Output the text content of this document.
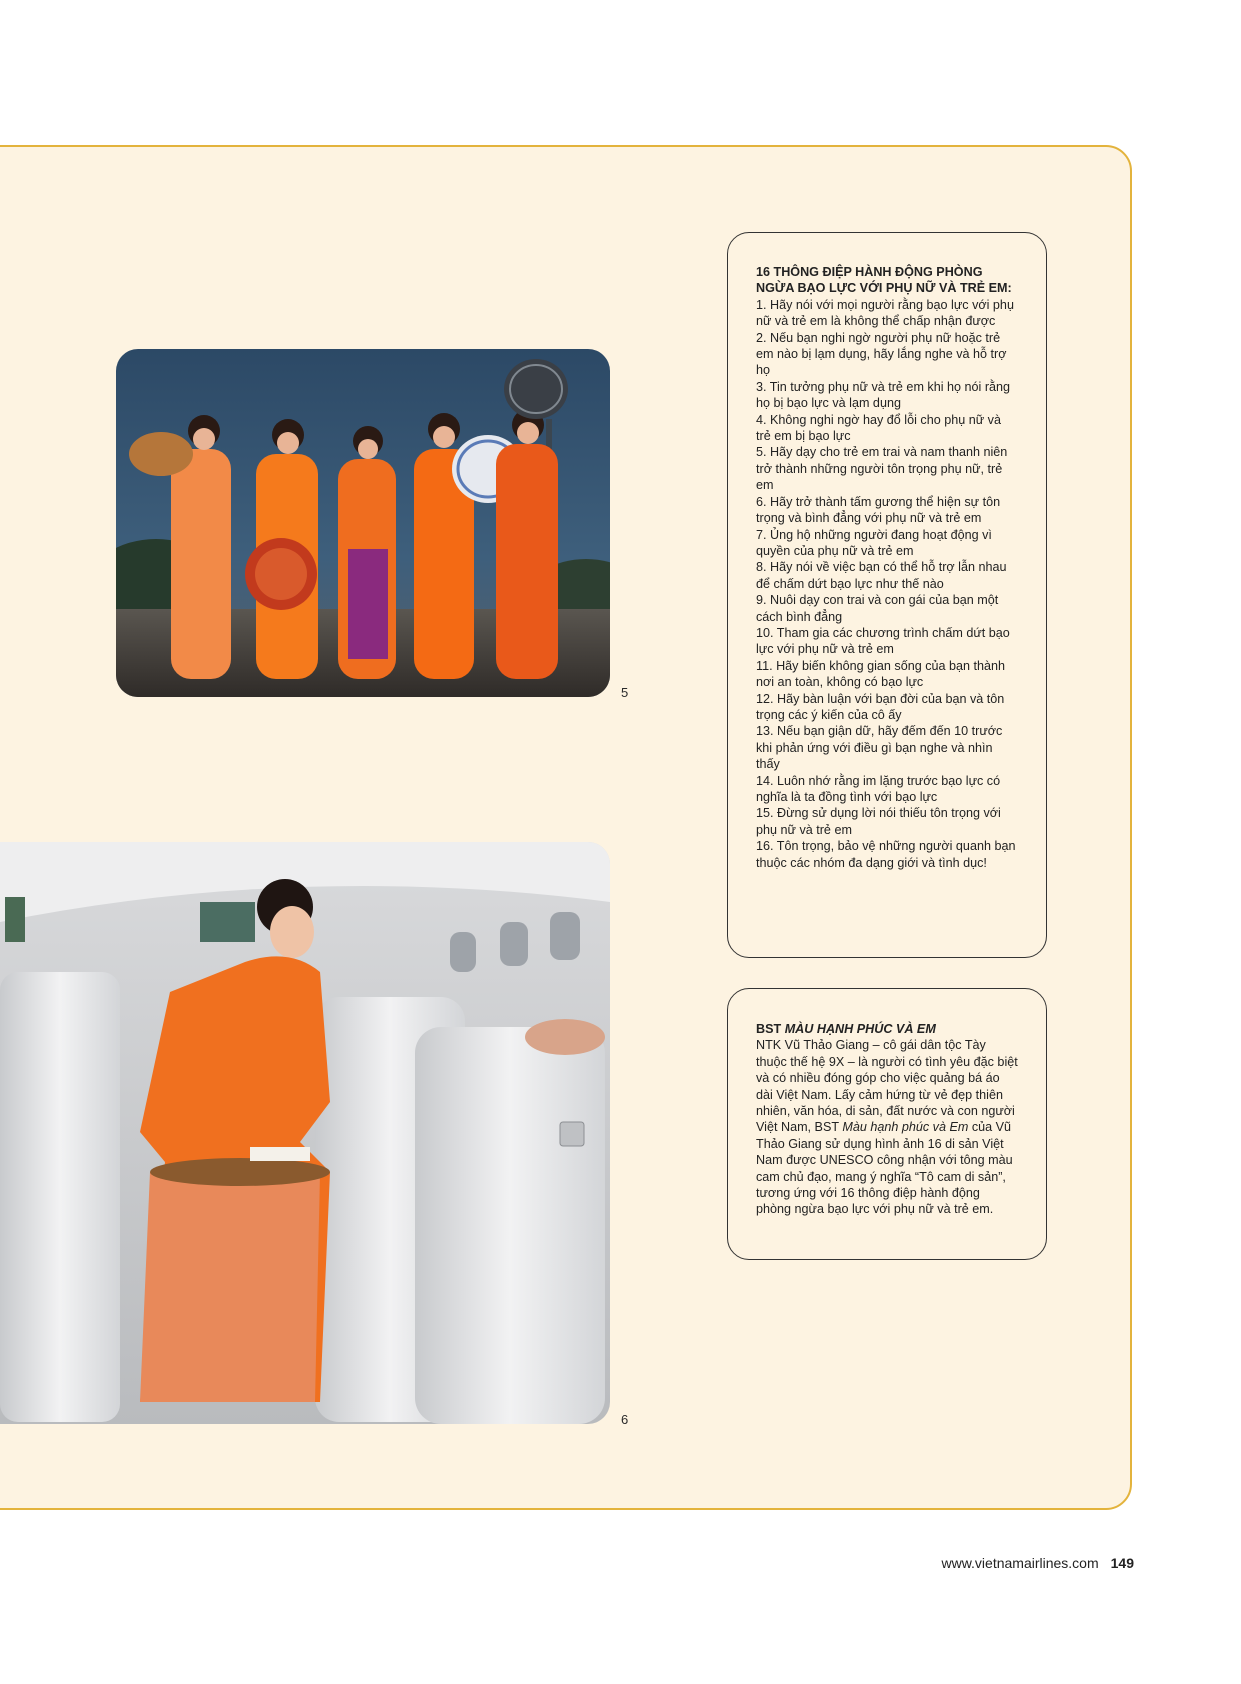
5
6
16 THÔNG ĐIỆP HÀNH ĐỘNG PHÒNG
NGỪA BẠO LỰC VỚI PHỤ NỮ VÀ TRẺ EM:

1. Hãy nói với mọi người rằng bạo lực với phụ nữ và trẻ em là không thể chấp nhận được

2. Nếu bạn nghi ngờ người phụ nữ hoặc trẻ em nào bị lạm dụng, hãy lắng nghe và hỗ trợ họ

3. Tin tưởng phụ nữ và trẻ em khi họ nói rằng họ bị bạo lực và lạm dụng

4. Không nghi ngờ hay đổ lỗi cho phụ nữ và trẻ em bị bạo lực

5. Hãy dạy cho trẻ em trai và nam thanh niên trở thành những người tôn trọng phụ nữ, trẻ em

6. Hãy trở thành tấm gương thể hiện sự tôn trọng và bình đẳng với phụ nữ và trẻ em

7. Ủng hộ những người đang hoạt động vì quyền của phụ nữ và trẻ em

8. Hãy nói về việc bạn có thể hỗ trợ lẫn nhau để chấm dứt bạo lực như thế nào

9. Nuôi dạy con trai và con gái của bạn một cách bình đẳng

10. Tham gia các chương trình chấm dứt bạo lực với phụ nữ và trẻ em

11. Hãy biến không gian sống của bạn thành nơi an toàn, không có bạo lực

12. Hãy bàn luận với bạn đời của bạn và tôn trọng các ý kiến của cô ấy

13. Nếu bạn giận dữ, hãy đếm đến 10 trước khi phản ứng với điều gì bạn nghe và nhìn thấy

14. Luôn nhớ rằng im lặng trước bạo lực có nghĩa là ta đồng tình với bạo lực

15. Đừng sử dụng lời nói thiếu tôn trọng với phụ nữ và trẻ em

16. Tôn trọng, bảo vệ những người quanh bạn thuộc các nhóm đa dạng giới và tình dục!

BST MÀU HẠNH PHÚC VÀ EM

NTK Vũ Thảo Giang – cô gái dân tộc Tày thuộc thế hệ 9X – là người có tình yêu đặc biệt và có nhiều đóng góp cho việc quảng bá áo dài Việt Nam. Lấy cảm hứng từ vẻ đẹp thiên nhiên, văn hóa, di sản, đất nước và con người Việt Nam, BST Màu hạnh phúc và Em của Vũ Thảo Giang sử dụng hình ảnh 16 di sản Việt Nam được UNESCO công nhận với tông màu cam chủ đạo, mang ý nghĩa “Tô cam di sản”, tương ứng với 16 thông điệp hành động phòng ngừa bạo lực với phụ nữ và trẻ em.

www.vietnamairlines.com 149
